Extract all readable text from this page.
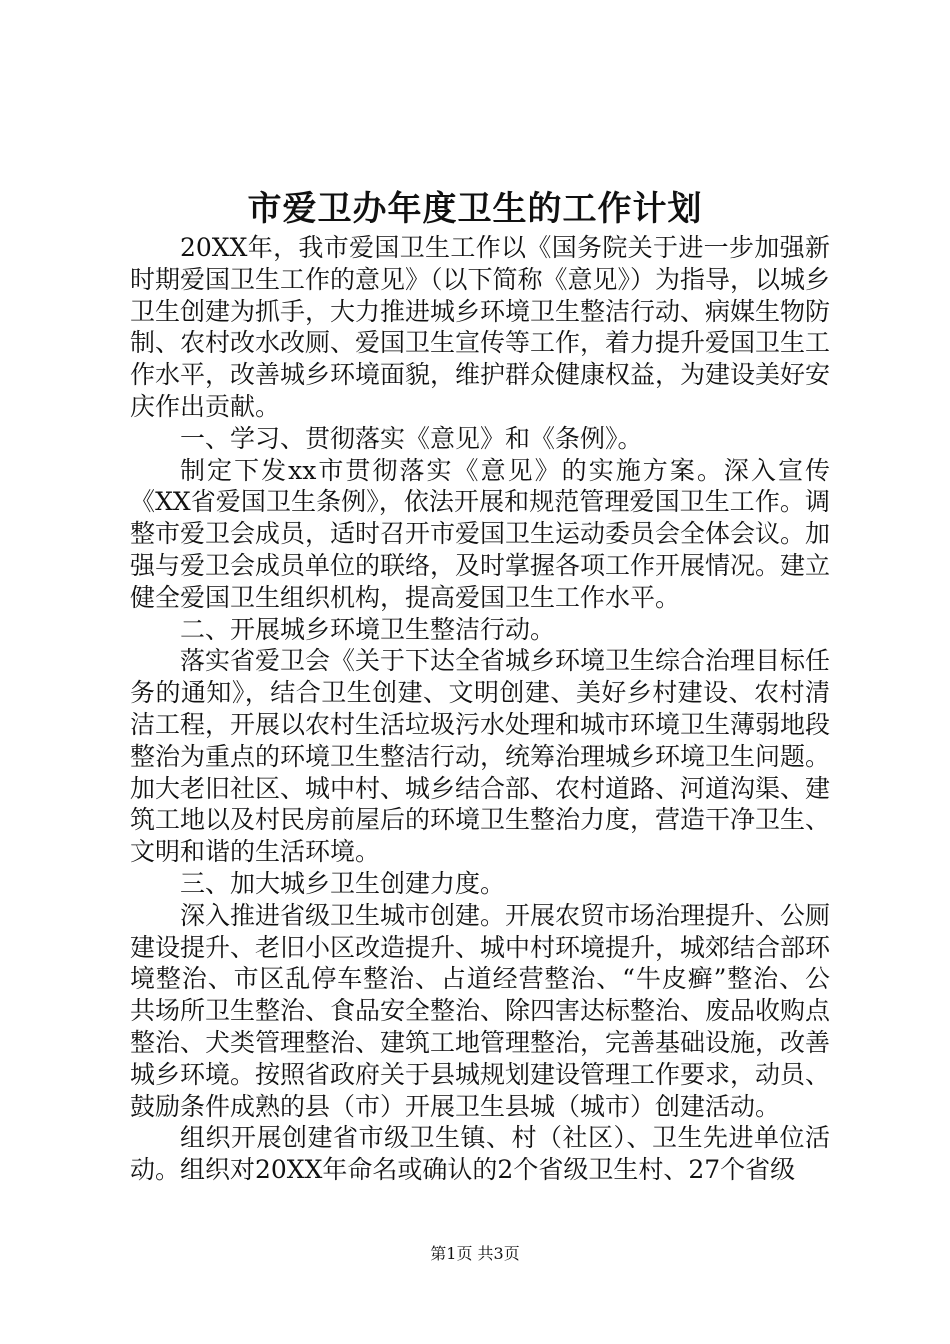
市爱卫办年度卫生的工作计划

20XX年，我市爱国卫生工作以《国务院关于进一步加强新时期爱国卫生工作的意见》（以下简称《意见》）为指导，以城乡卫生创建为抓手，大力推进城乡环境卫生整洁行动、病媒生物防制、农村改水改厕、爱国卫生宣传等工作，着力提升爱国卫生工作水平，改善城乡环境面貌，维护群众健康权益，为建设美好安庆作出贡献。

一、学习、贯彻落实《意见》和《条例》。

制定下发xx市贯彻落实《意见》的实施方案。深入宣传《XX省爱国卫生条例》，依法开展和规范管理爱国卫生工作。调整市爱卫会成员，适时召开市爱国卫生运动委员会全体会议。加强与爱卫会成员单位的联络，及时掌握各项工作开展情况。建立健全爱国卫生组织机构，提高爱国卫生工作水平。

二、开展城乡环境卫生整洁行动。

落实省爱卫会《关于下达全省城乡环境卫生综合治理目标任务的通知》，结合卫生创建、文明创建、美好乡村建设、农村清洁工程，开展以农村生活垃圾污水处理和城市环境卫生薄弱地段整治为重点的环境卫生整洁行动，统筹治理城乡环境卫生问题。加大老旧社区、城中村、城乡结合部、农村道路、河道沟渠、建筑工地以及村民房前屋后的环境卫生整治力度，营造干净卫生、文明和谐的生活环境。

三、加大城乡卫生创建力度。

深入推进省级卫生城市创建。开展农贸市场治理提升、公厕建设提升、老旧小区改造提升、城中村环境提升，城郊结合部环境整治、市区乱停车整治、占道经营整治、“牛皮癣”整治、公共场所卫生整治、食品安全整治、除四害达标整治、废品收购点整治、犬类管理整治、建筑工地管理整治，完善基础设施，改善城乡环境。按照省政府关于县城规划建设管理工作要求，动员、鼓励条件成熟的县（市）开展卫生县城（城市）创建活动。

组织开展创建省市级卫生镇、村（社区）、卫生先进单位活动。组织对20XX年命名或确认的2个省级卫生村、27个省级

第1页 共3页
